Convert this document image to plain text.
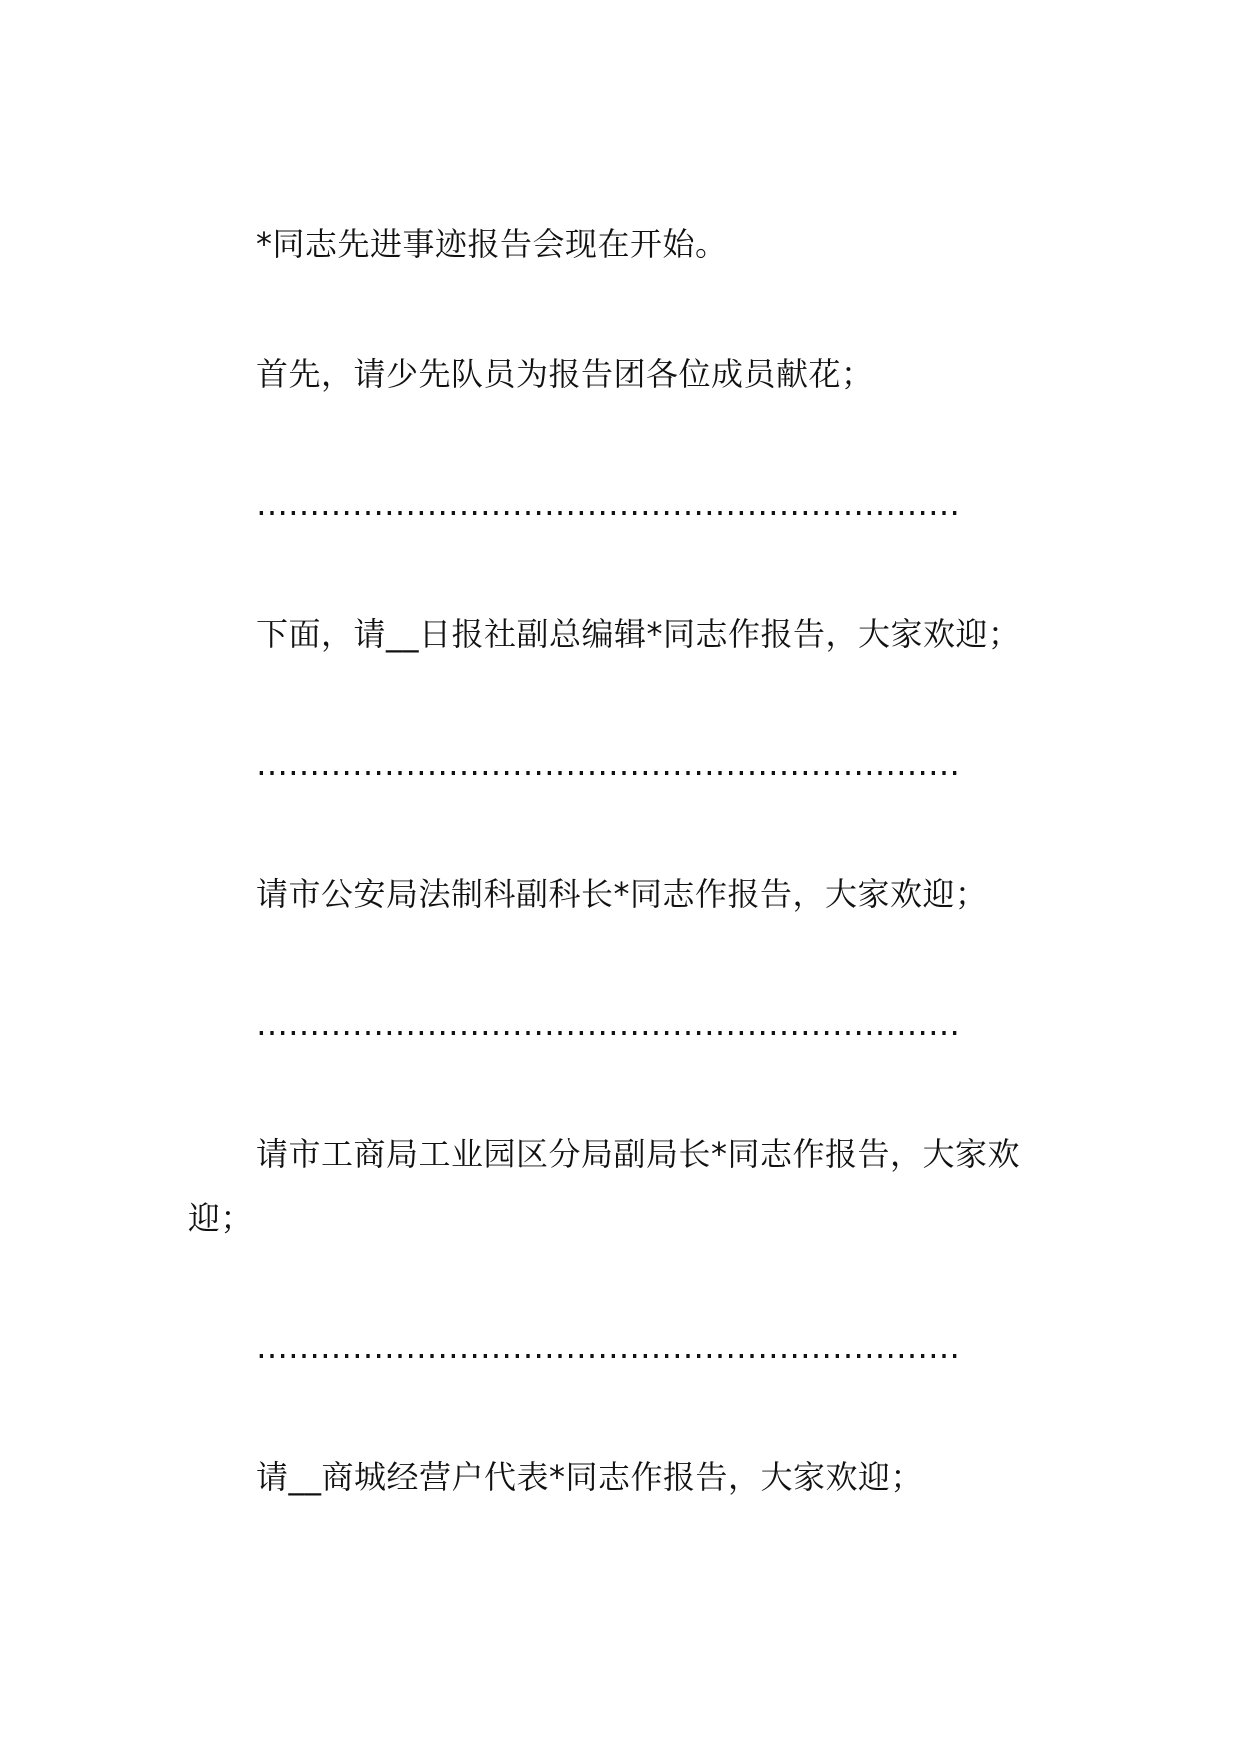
*同志先进事迹报告会现在开始。

首先，请少先队员为报告团各位成员献花；

…………………………………………………………

下面，请__日报社副总编辑*同志作报告，大家欢迎；

…………………………………………………………

请市公安局法制科副科长*同志作报告，大家欢迎；

…………………………………………………………

请市工商局工业园区分局副局长*同志作报告，大家欢迎；

…………………………………………………………

请__商城经营户代表*同志作报告，大家欢迎；
